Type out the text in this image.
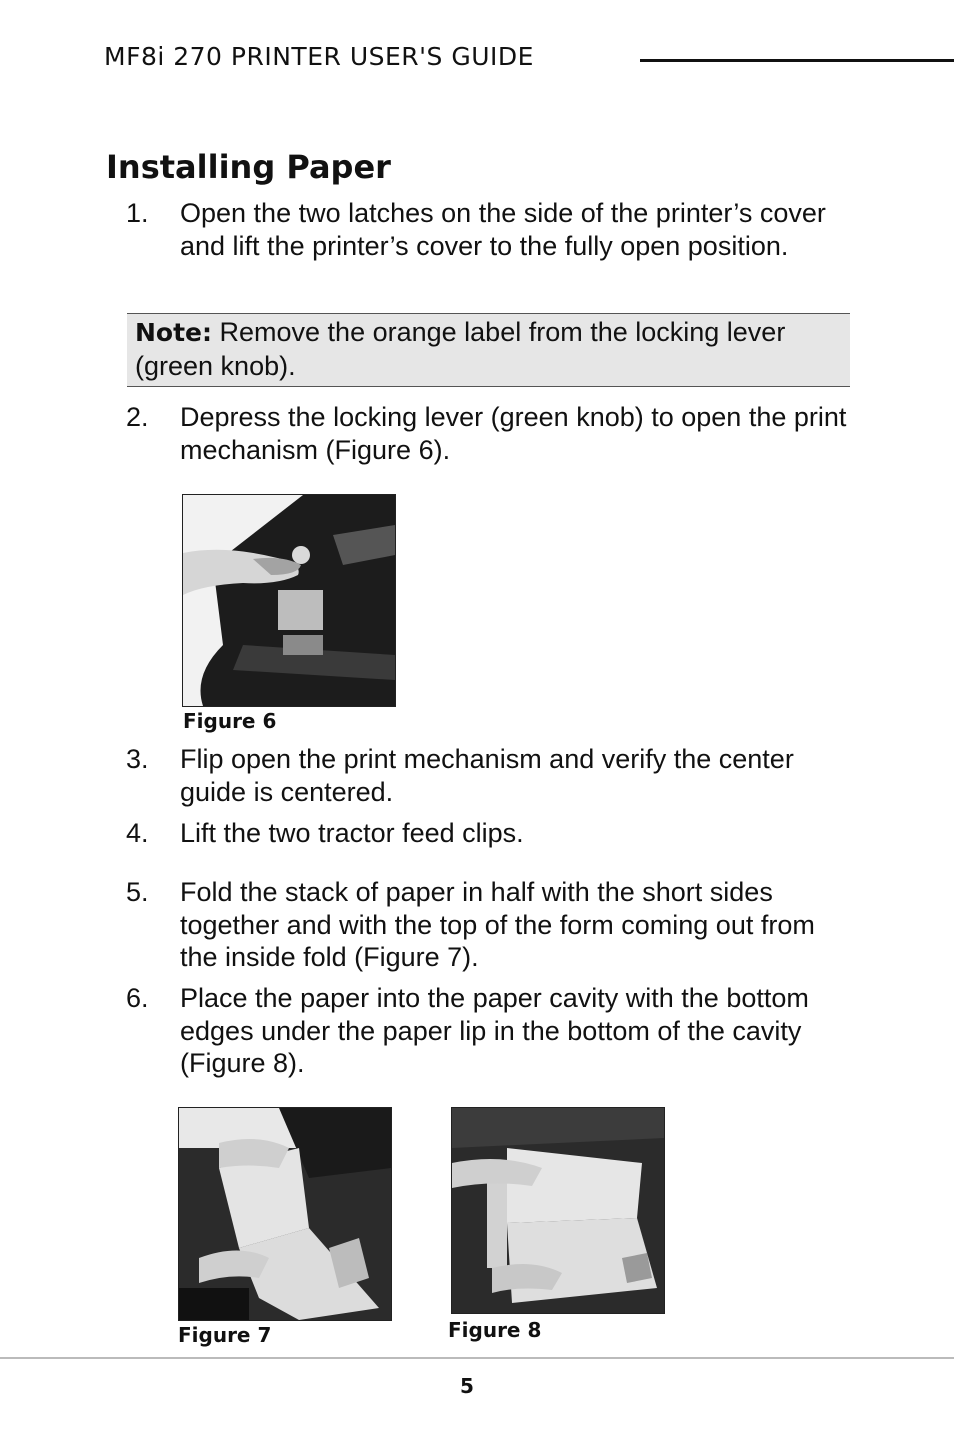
MF8i 270 PRINTER USER'S GUIDE
Installing Paper
1. Open the two latches on the side of the printer’s cover and lift the printer’s cover to the fully open position.
Note: Remove the orange label from the locking lever (green knob).
2. Depress the locking lever (green knob) to open the print mechanism (Figure 6).
Figure 6
3. Flip open the print mechanism and verify the center guide is centered.
4. Lift the two tractor feed clips.
5. Fold the stack of paper in half with the short sides together and with the top of the form coming out from the inside fold (Figure 7).
6. Place the paper into the paper cavity with the bottom edges under the paper lip in the bottom of the cavity (Figure 8).
Figure 7	Figure 8
5
